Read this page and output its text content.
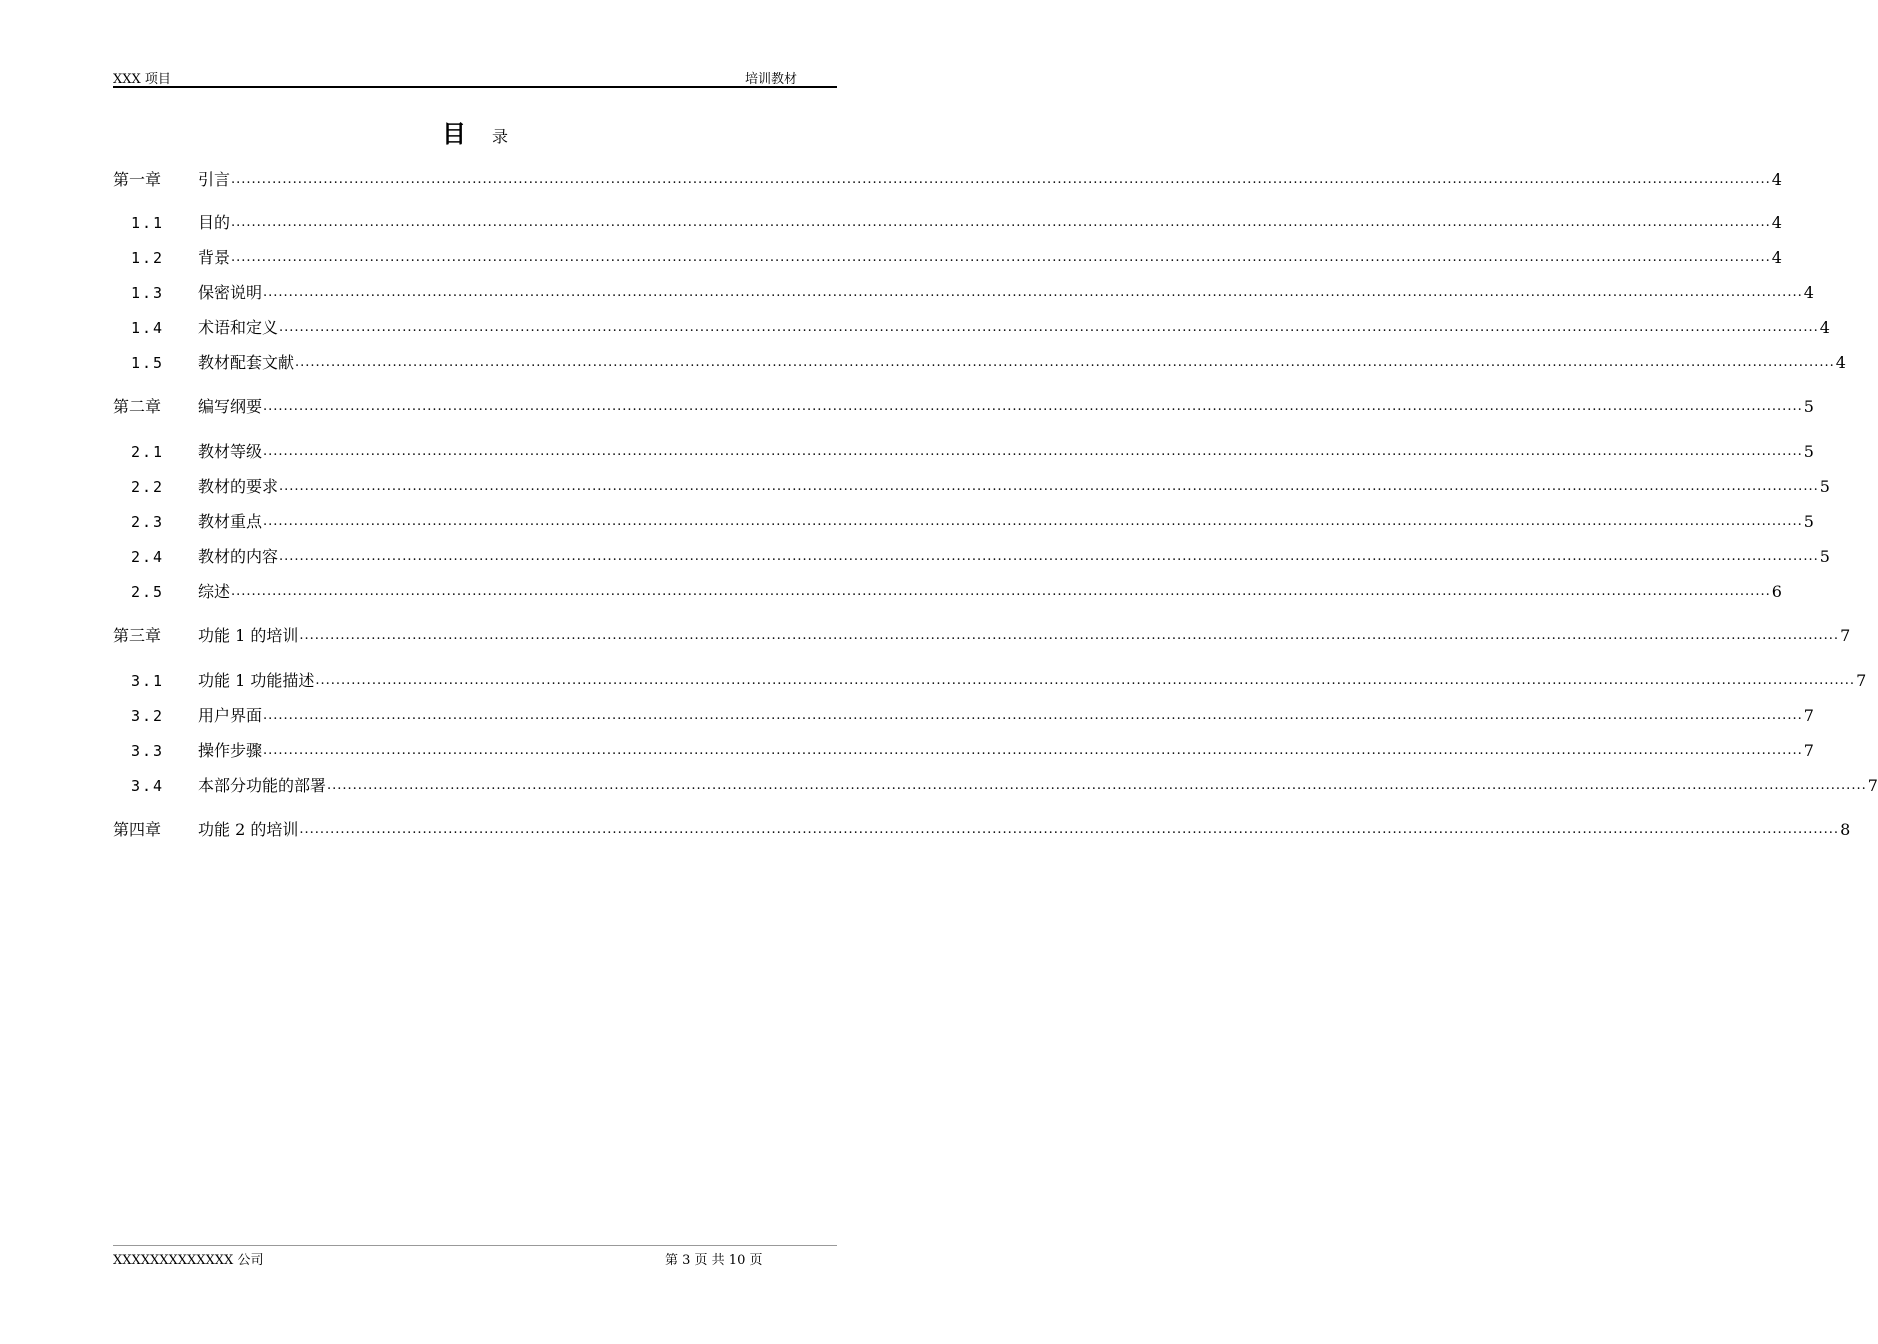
XXX 项目	培训教材
目 录
第一章 引言 ............................................................................................................................................................................................................................................................................................................ 4
1.1 目的 ............................................................................................................................................................................................................................................................................................................ 4
1.2 背景 ............................................................................................................................................................................................................................................................................................................ 4
1.3 保密说明 ............................................................................................................................................................................................................................................................................................................ 4
1.4 术语和定义 ............................................................................................................................................................................................................................................................................................................ 4
1.5 教材配套文献 ............................................................................................................................................................................................................................................................................................................ 4
第二章 编写纲要 ............................................................................................................................................................................................................................................................................................................ 5
2.1 教材等级 ............................................................................................................................................................................................................................................................................................................ 5
2.2 教材的要求 ............................................................................................................................................................................................................................................................................................................ 5
2.3 教材重点 ............................................................................................................................................................................................................................................................................................................ 5
2.4 教材的内容 ............................................................................................................................................................................................................................................................................................................ 5
2.5 综述 ............................................................................................................................................................................................................................................................................................................ 6
第三章 功能 1 的培训 ............................................................................................................................................................................................................................................................................................................ 7
3.1 功能 1 功能描述 ............................................................................................................................................................................................................................................................................................................ 7
3.2 用户界面 ............................................................................................................................................................................................................................................................................................................ 7
3.3 操作步骤 ............................................................................................................................................................................................................................................................................................................ 7
3.4 本部分功能的部署 ............................................................................................................................................................................................................................................................................................................ 7
第四章 功能 2 的培训 ............................................................................................................................................................................................................................................................................................................ 8
XXXXXXXXXXXXX 公司	第 3 页 共 10 页
